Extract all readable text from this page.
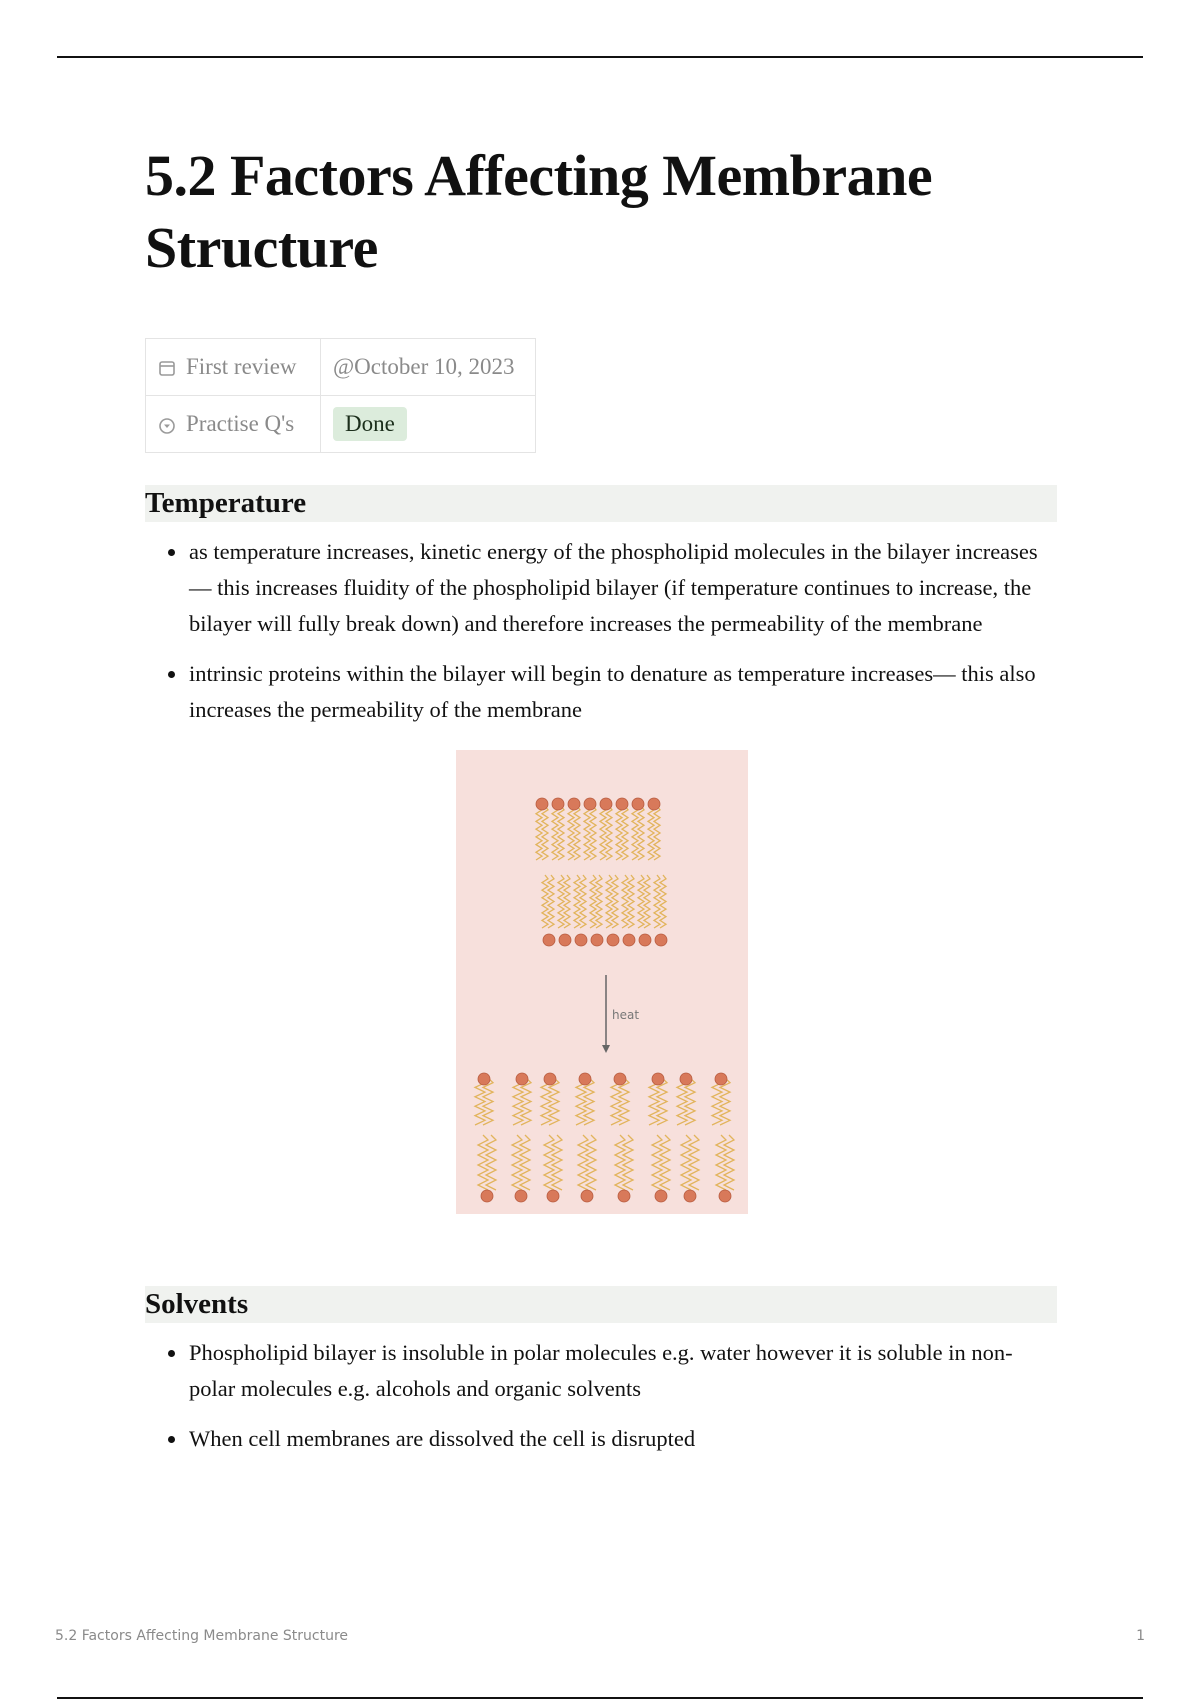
5.2 Factors Affecting Membrane Structure
First review	@October 10, 2023
Practise Q's	Done
Temperature
• as temperature increases, kinetic energy of the phospholipid molecules in the bilayer increases— this increases fluidity of the phospholipid bilayer (if temperature continues to increase, the bilayer will fully break down) and therefore increases the permeability of the membrane
• intrinsic proteins within the bilayer will begin to denature as temperature increases— this also increases the permeability of the membrane
heat
Solvents
• Phospholipid bilayer is insoluble in polar molecules e.g. water however it is soluble in non-polar molecules e.g. alcohols and organic solvents
• When cell membranes are dissolved the cell is disrupted
5.2 Factors Affecting Membrane Structure	1
